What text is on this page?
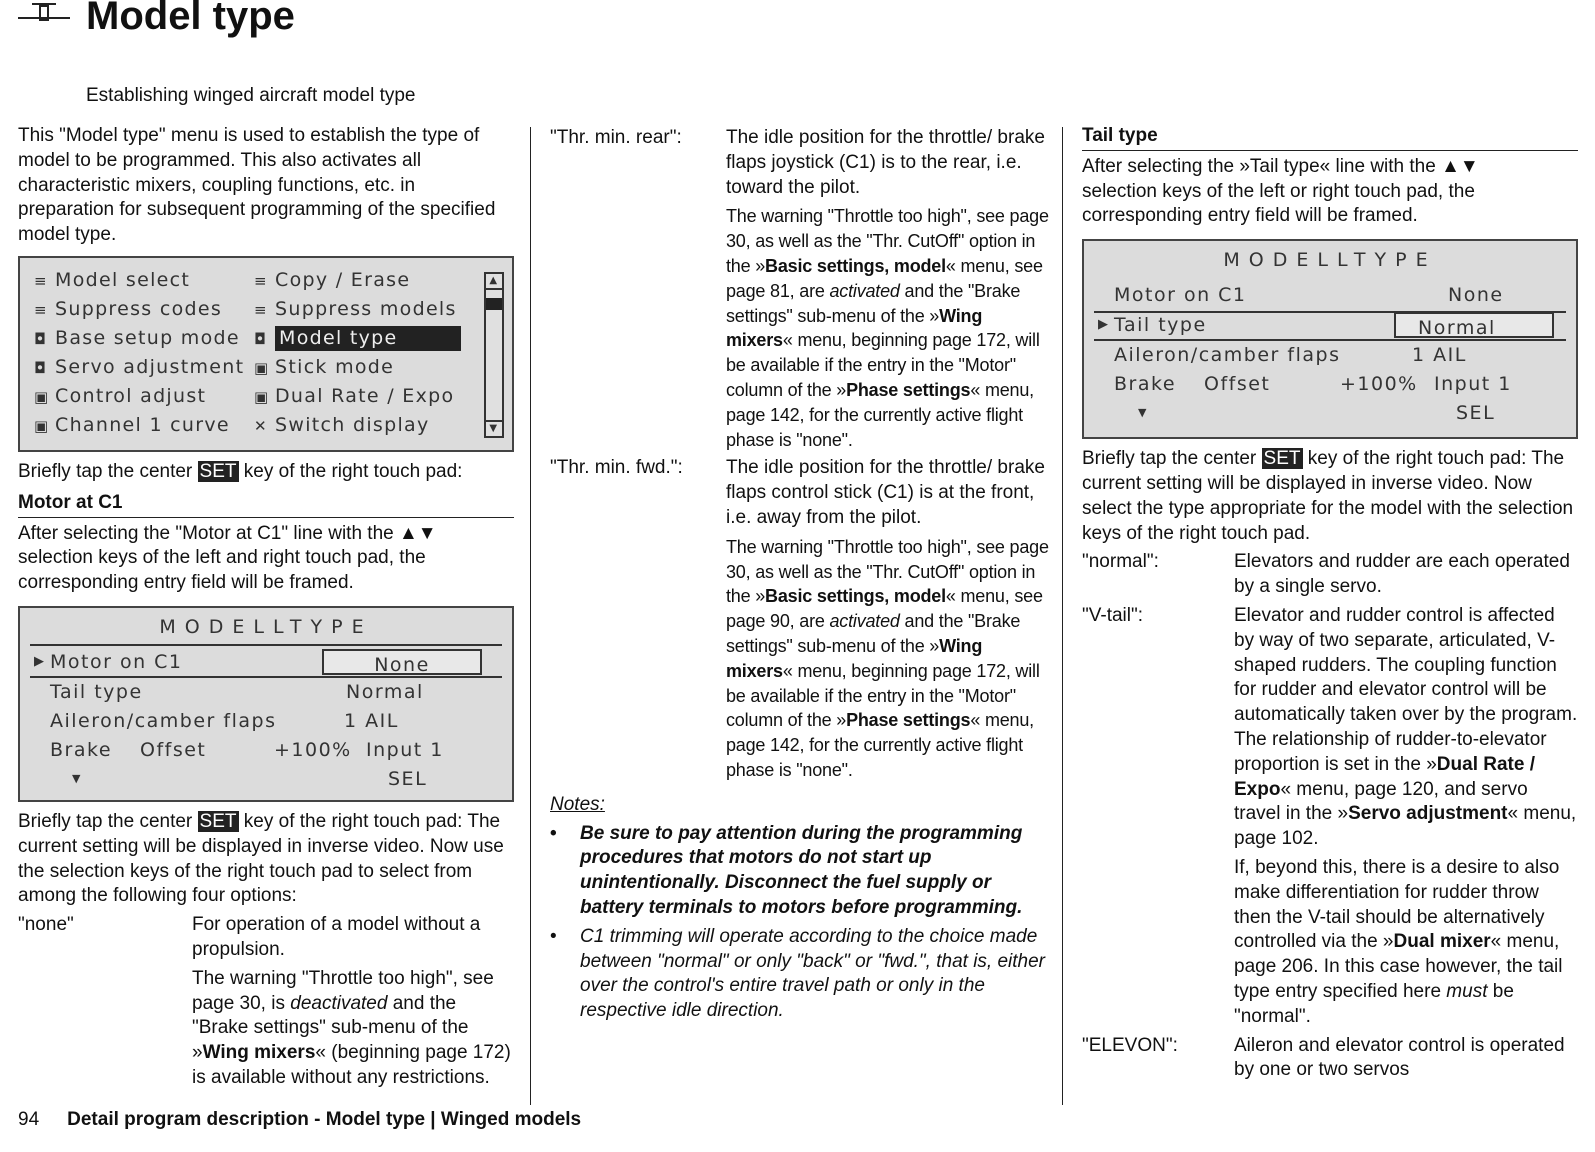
Model type
Establishing winged aircraft model type

This "Model type" menu is used to establish the type of model to be programmed. This also activates all characteristic mixers, coupling functions, etc. in preparation for subsequent programming of the specified model type.

≡ Model select
≡ Suppress codes
◘ Base setup mode
◘ Servo adjustment
▣ Control adjust
▣ Channel 1 curve
≡ Copy / Erase
≡ Suppress models
◘ Model type
▣ Stick mode
▣ Dual Rate / Expo
✕ Switch display
▲
▼

Briefly tap the center SET key of the right touch pad:

Motor at C1

After selecting the "Motor at C1" line with the ▲▼ selection keys of the left and right touch pad, the corresponding entry field will be framed.

MODELLTYPE
▶ Motor on C1	None
Tail type	Normal
Aileron/camber flaps	1 AIL
Brake Offset	+100% Input 1
▼	SEL

Briefly tap the center SET key of the right touch pad: The current setting will be displayed in inverse video. Now use the selection keys of the right touch pad to select from among the following four options:

"none"	For operation of a model without a propulsion.

The warning "Throttle too high", see page 30, is deactivated and the "Brake settings" sub-menu of the »Wing mixers« (beginning page 172) is available without any restrictions.

"Thr. min. rear": The idle position for the throttle/ brake flaps joystick (C1) is to the rear, i.e. toward the pilot.

The warning "Throttle too high", see page 30, as well as the "Thr. CutOff" option in the »Basic settings, model« menu, see page 81, are activated and the "Brake settings" sub-menu of the »Wing mixers« menu, beginning page 172, will be available if the entry in the "Motor" column of the »Phase settings« menu, page 142, for the currently active flight phase is "none".

"Thr. min. fwd.": The idle position for the throttle/ brake flaps control stick (C1) is at the front, i.e. away from the pilot.

The warning "Throttle too high", see page 30, as well as the "Thr. CutOff" option in the »Basic settings, model« menu, see page 90, are activated and the "Brake settings" sub-menu of the »Wing mixers« menu, beginning page 172, will be available if the entry in the "Motor" column of the »Phase settings« menu, page 142, for the currently active flight phase is "none".

Notes:

• Be sure to pay attention during the programming procedures that motors do not start up unintentionally. Disconnect the fuel supply or battery terminals to motors before programming.

• C1 trimming will operate according to the choice made between "normal" or only "back" or "fwd.", that is, either over the control's entire travel path or only in the respective idle direction.

Tail type

After selecting the »Tail type« line with the ▲▼ selection keys of the left or right touch pad, the corresponding entry field will be framed.

MODELLTYPE
Motor on C1	None
▶ Tail type	Normal
Aileron/camber flaps	1 AIL
Brake Offset	+100% Input 1
▼	SEL

Briefly tap the center SET key of the right touch pad: The current setting will be displayed in inverse video. Now select the type appropriate for the model with the selection keys of the right touch pad.

"normal":	Elevators and rudder are each operated by a single servo.

"V-tail":	Elevator and rudder control is affected by way of two separate, articulated, V-shaped rudders. The coupling function for rudder and elevator control will be automatically taken over by the program. The relationship of rudder-to-elevator proportion is set in the »Dual Rate / Expo« menu, page 120, and servo travel in the »Servo adjustment« menu, page 102.

If, beyond this, there is a desire to also make differentiation for rudder throw then the V-tail should be alternatively controlled via the »Dual mixer« menu, page 206. In this case however, the tail type entry specified here must be "normal".

"ELEVON":	Aileron and elevator control is operated by one or two servos

94 Detail program description - Model type | Winged models
